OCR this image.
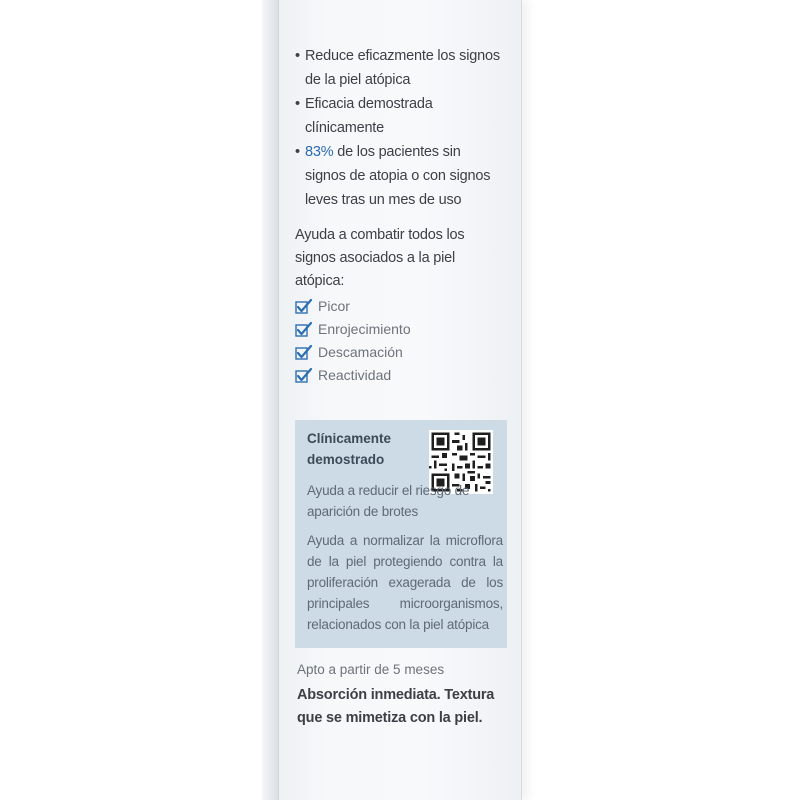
• Reduce eficazmente los signos de la piel atópica
• Eficacia demostrada clínicamente
• 83% de los pacientes sin signos de atopia o con signos leves tras un mes de uso
Ayuda a combatir todos los signos asociados a la piel atópica:
Picor
Enrojecimiento
Descamación
Reactividad
Clínicamente demostrado
Ayuda a reducir el riesgo de aparición de brotes
Ayuda a normalizar la microflora de la piel protegiendo contra la proliferación exagerada de los principales microorganismos, relacionados con la piel atópica
Apto a partir de 5 meses
Absorción inmediata. Textura que se mimetiza con la piel.
